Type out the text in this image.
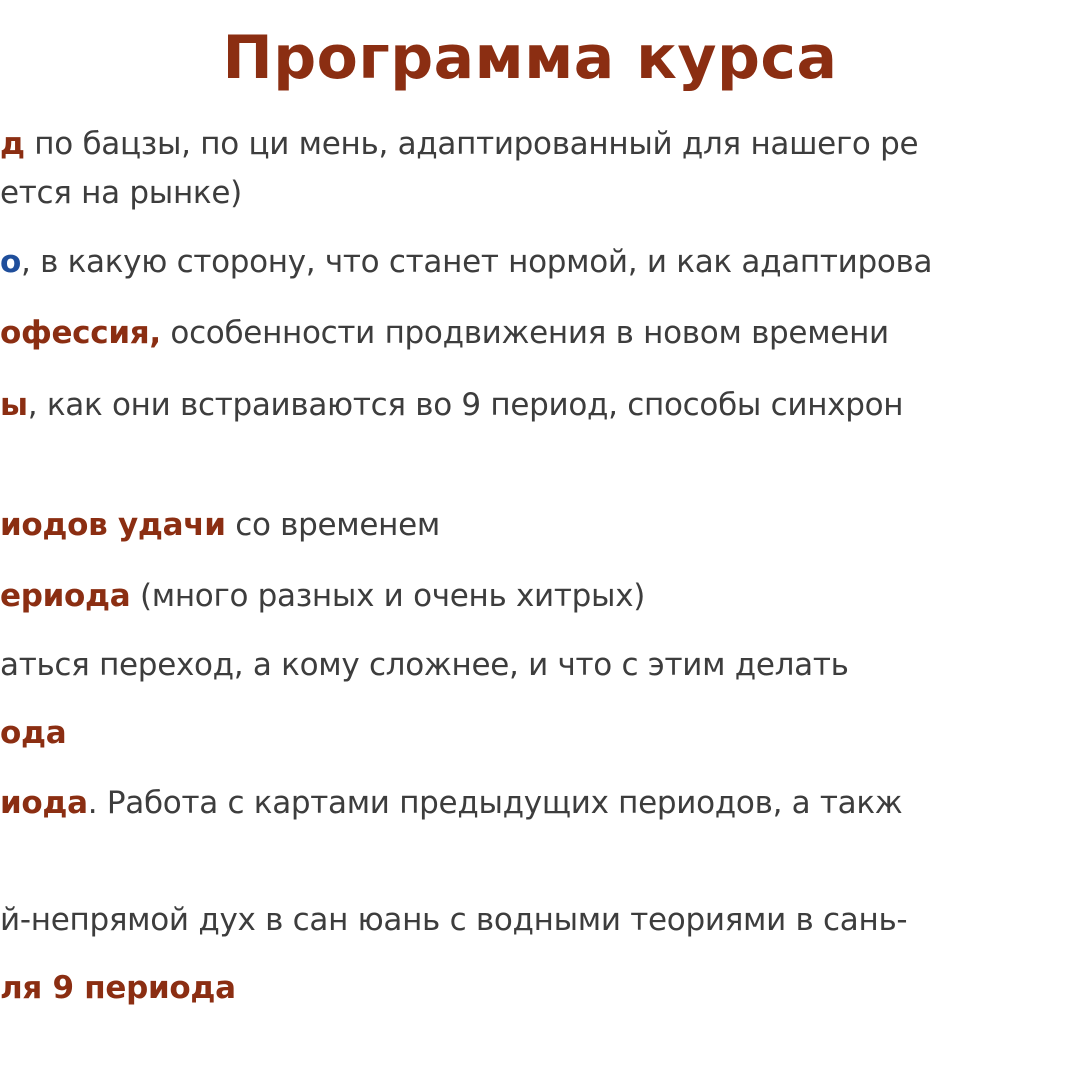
Программа курса
д по бацзы, по ци мень, адаптированный для нашего ре
ется на рынке)
о, в какую сторону, что станет нормой, и как адаптирова
офессия, особенности продвижения в новом времени
ы, как они встраиваются во 9 период, способы синхрон
иодов удачи со временем
ериода (много разных и очень хитрых)
аться переход, а кому сложнее, и что с этим делать
ода
иода. Работа с картами предыдущих периодов, а такж
й-непрямой дух в сан юань с водными теориями в сань-
ля 9 периода
